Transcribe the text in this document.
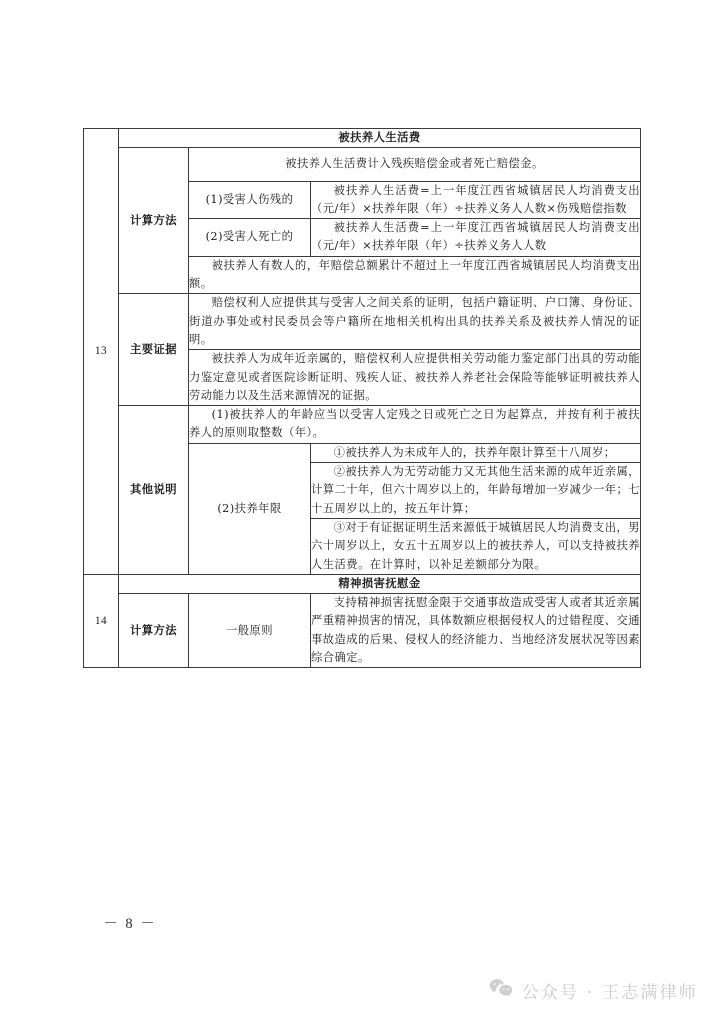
13	被扶养人生活费		
	计算方法	被扶养人生活费计入残疾赔偿金或者死亡赔偿金。	
		(1)受害人伤残的	被扶养人生活费=上一年度江西省城镇居民人均消费支出（元/年）×扶养年限（年）÷扶养义务人人数×伤残赔偿指数
		(2)受害人死亡的	被扶养人生活费=上一年度江西省城镇居民人均消费支出（元/年）×扶养年限（年）÷扶养义务人人数
		被扶养人有数人的，年赔偿总额累计不超过上一年度江西省城镇居民人均消费支出额。	
	主要证据	赔偿权利人应提供其与受害人之间关系的证明，包括户籍证明、户口簿、身份证、街道办事处或村民委员会等户籍所在地相关机构出具的扶养关系及被扶养人情况的证明。	
		被扶养人为成年近亲属的，赔偿权利人应提供相关劳动能力鉴定部门出具的劳动能力鉴定意见或者医院诊断证明、残疾人证、被扶养人养老社会保险等能够证明被扶养人劳动能力以及生活来源情况的证据。	
	其他说明	(1)被扶养人的年龄应当以受害人定残之日或死亡之日为起算点，并按有利于被扶养人的原则取整数（年）。	
		(2)扶养年限	①被扶养人为未成年人的，扶养年限计算至十八周岁；
			②被扶养人为无劳动能力又无其他生活来源的成年近亲属，计算二十年，但六十周岁以上的，年龄每增加一岁减少一年；七十五周岁以上的，按五年计算；
			③对于有证据证明生活来源低于城镇居民人均消费支出，男六十周岁以上，女五十五周岁以上的被扶养人，可以支持被扶养人生活费。在计算时，以补足差额部分为限。
14	精神损害抚慰金		
	计算方法	一般原则	支持精神损害抚慰金限于交通事故造成受害人或者其近亲属严重精神损害的情况，具体数额应根据侵权人的过错程度、交通事故造成的后果、侵权人的经济能力、当地经济发展状况等因素综合确定。
－ 8 －
公众号 · 王志满律师
